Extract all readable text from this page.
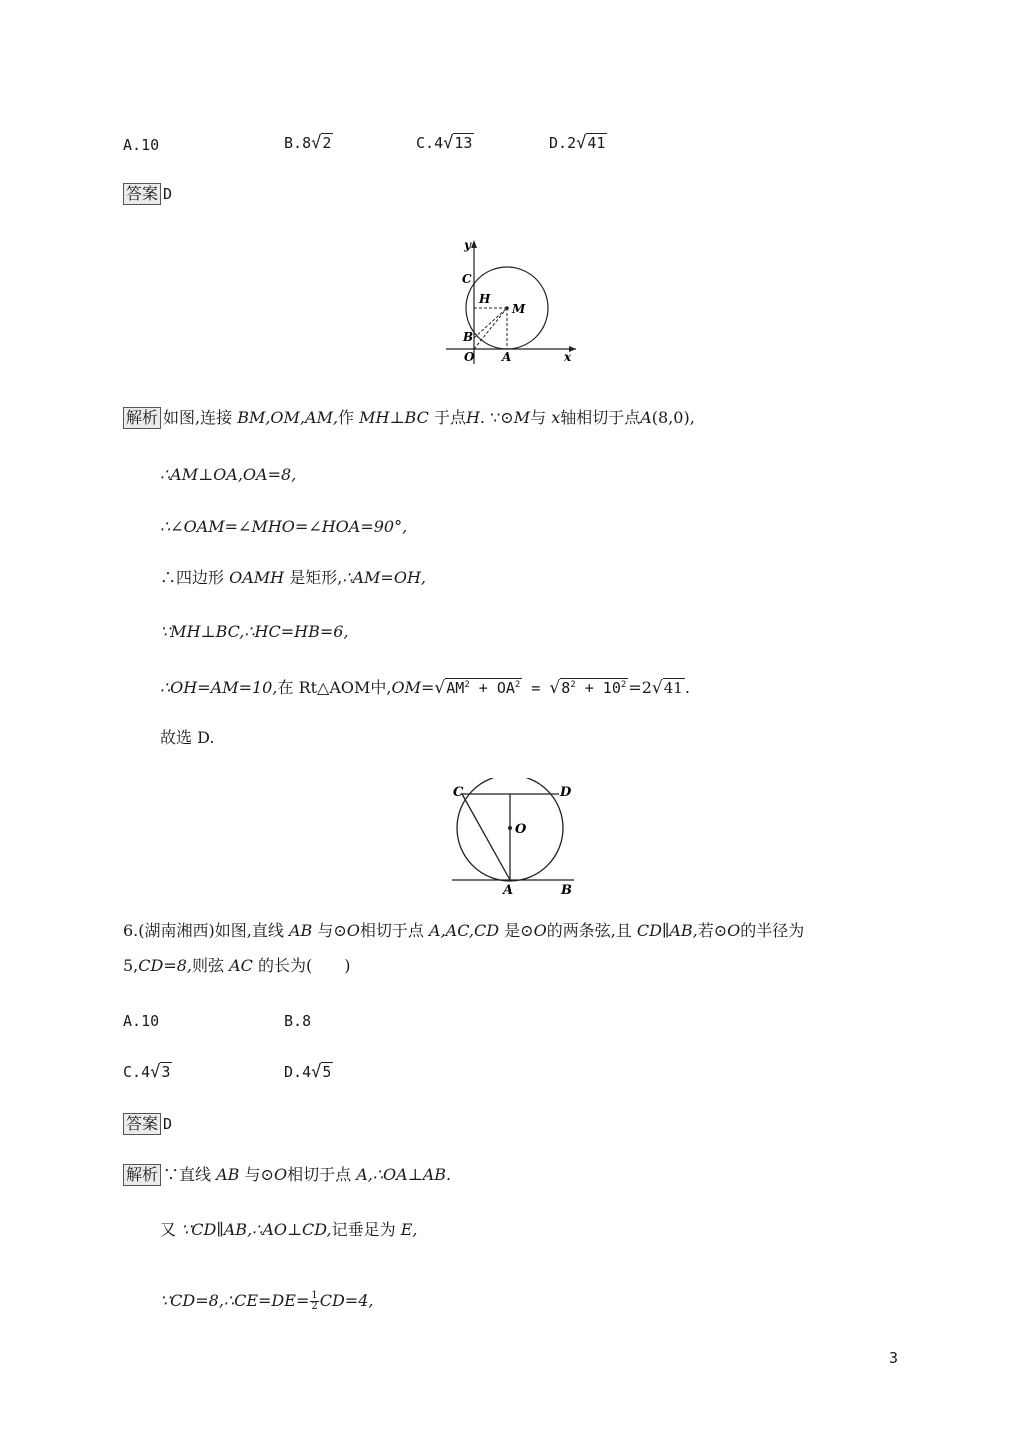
A.10	B.8√2	C.4√13	D.2√41
答案 D
y
C
H
M
B
O A	x
解析 如图,连接 BM,OM,AM,作 MH⊥BC 于点H. ∵⊙M与 x轴相切于点A(8,0),
∴AM⊥OA,OA=8,
∴∠OAM=∠MHO=∠HOA=90°,
∴四边形 OAMH 是矩形,∴AM=OH,
∵MH⊥BC,∴HC=HB=6,
∴OH=AM=10,在 Rt△AOM中$,OM=√AM^2 + OA^2 = √8^2 + 10^2 =2√41$ .
故选 D.
C	D
O
A	B
6.(湖南湘西)如图,直线 AB 与⊙O相切于点 A,AC,CD 是⊙O的两条弦,且 CD∥AB,若⊙O的半径为
5,CD=8,则弦 AC 的长为(　　)
A.10	B.8
C.4√3	D.4√5
答案 D
解析 ∵直线 AB 与⊙O相切于点 A,∴OA⊥AB.
又 ∵CD∥AB,∴AO⊥CD,记垂足为 E,
∵CD=8,∴CE=DE= $\frac{1}{2} CD=4$,
3
